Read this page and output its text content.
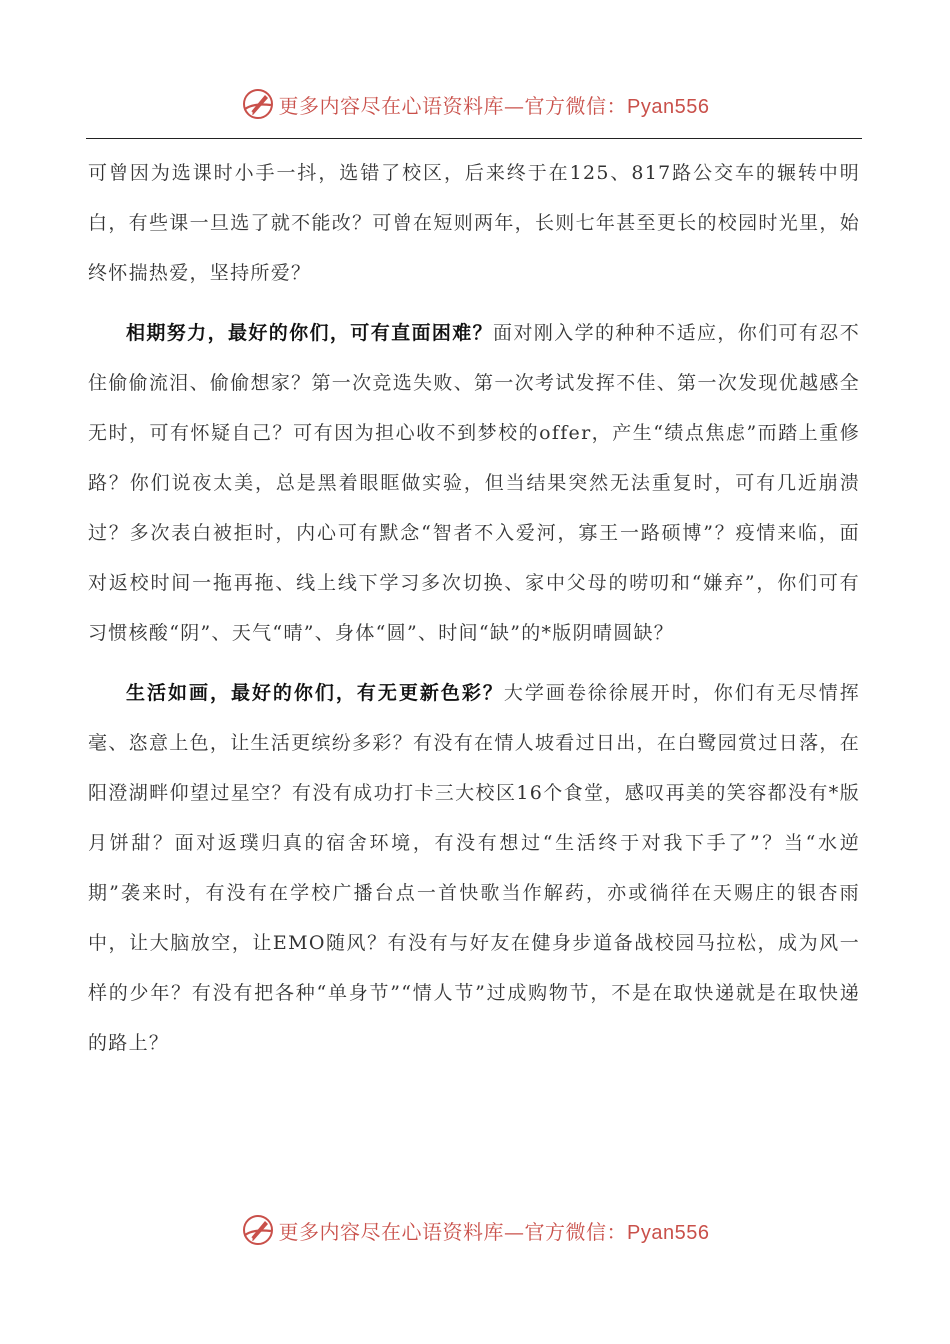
更多内容尽在心语资料库—官方微信：Pyan556

可曾因为选课时小手一抖，选错了校区，后来终于在125、817路公交车的辗转中明白，有些课一旦选了就不能改？可曾在短则两年，长则七年甚至更长的校园时光里，始终怀揣热爱，坚持所爱？

相期努力，最好的你们，可有直面困难？面对刚入学的种种不适应，你们可有忍不住偷偷流泪、偷偷想家？第一次竞选失败、第一次考试发挥不佳、第一次发现优越感全无时，可有怀疑自己？可有因为担心收不到梦校的offer，产生“绩点焦虑”而踏上重修路？你们说夜太美，总是黑着眼眶做实验，但当结果突然无法重复时，可有几近崩溃过？多次表白被拒时，内心可有默念“智者不入爱河，寡王一路硕博”？疫情来临，面对返校时间一拖再拖、线上线下学习多次切换、家中父母的唠叨和“嫌弃”，你们可有习惯核酸“阴”、天气“晴”、身体“圆”、时间“缺”的*版阴晴圆缺？

生活如画，最好的你们，有无更新色彩？大学画卷徐徐展开时，你们有无尽情挥毫、恣意上色，让生活更缤纷多彩？有没有在情人坡看过日出，在白鹭园赏过日落，在阳澄湖畔仰望过星空？有没有成功打卡三大校区16个食堂，感叹再美的笑容都没有*版月饼甜？面对返璞归真的宿舍环境，有没有想过“生活终于对我下手了”？当“水逆期”袭来时，有没有在学校广播台点一首快歌当作解药，亦或徜徉在天赐庄的银杏雨中，让大脑放空，让EMO随风？有没有与好友在健身步道备战校园马拉松，成为风一样的少年？有没有把各种“单身节”“情人节”过成购物节，不是在取快递就是在取快递的路上？

更多内容尽在心语资料库—官方微信：Pyan556
